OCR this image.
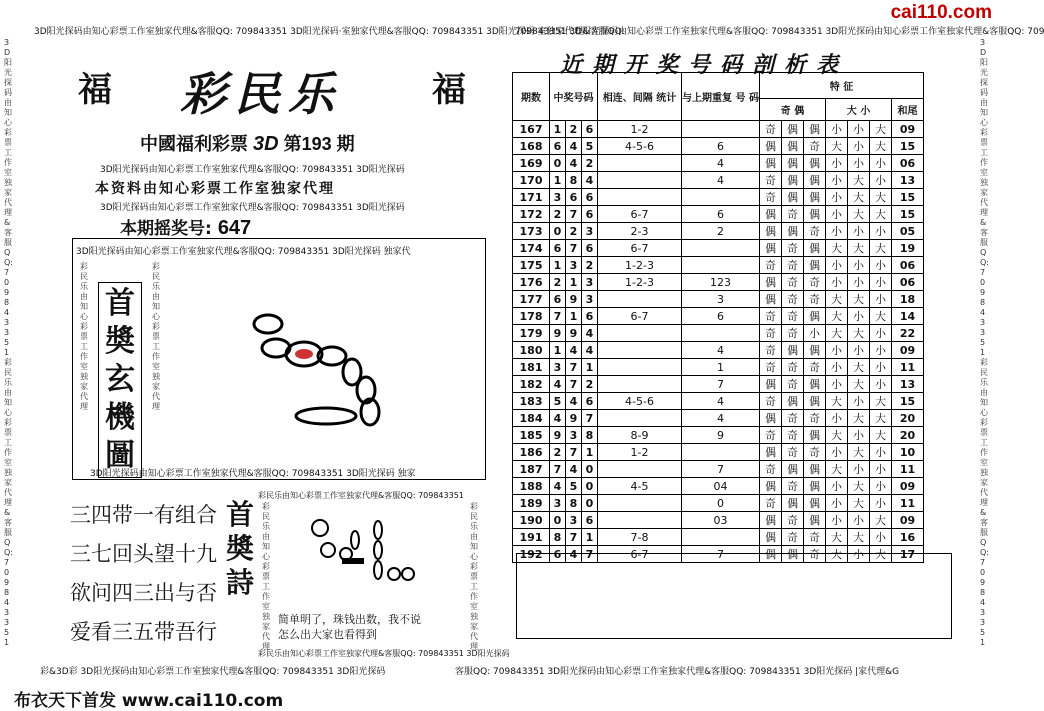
cai110.com
3D阳光探码由知心彩票工作室独家代理&客服QQ: 709843351 3D阳光探码·室独家代理&客服QQ: 709843351 3D阳光探码·室独家代理&客服QQ:
709843351 3D阳光探码由知心彩票工作室独家代理&客服QQ: 709843351 3D阳光探码由知心彩票工作室独家代理&客服QQ: 709
3D阳光探码由知心彩票工作室独家代理&客服QQ:709843351彩民乐由知心彩票工作室独家代理&客服QQ:709843351
3D阳光探码由知心彩票工作室独家代理&客服QQ:709843351彩民乐由知心彩票工作室独家代理&客服QQ:709843351
福	福
彩民乐
中國福利彩票 3D 第193 期
3D阳光探码由知心彩票工作室独家代理&客服QQ: 709843351 3D阳光探码
本资料由知心彩票工作室独家代理
3D阳光探码由知心彩票工作室独家代理&客服QQ: 709843351 3D阳光探码
本期摇奖号: 647
3D阳光探码由知心彩票工作室独家代理&客服QQ: 709843351 3D阳光探码 独家代
3D阳光探码由知心彩票工作室独家代理&客服QQ: 709843351 3D阳光探码 独家
首
奬
玄
機
圖
彩民乐由知心彩票工作室独家代理
彩民乐由知心彩票工作室独家代理
三四带一有组合
三七回头望十九
欲问四三出与否
爱看三五带吾行
首
奬
詩
彩民乐由知心彩票工作室独家代理&客服QQ: 709843351
彩民乐由知心彩票工作室独家代理&客服QQ: 709843351 3D阳光探码
彩民乐由知心彩票工作室独家代理
彩民乐由知心彩票工作室独家代理
简单明了，珠钱出数，我不说
怎么出大家也看得到
彩&3D彩 3D阳光探码由知心彩票工作室独家代理&客服QQ: 709843351 3D阳光探码	客服QQ: 709843351 3D阳光探码由知心彩票工作室独家代理&客服QQ: 709843351 3D阳光探码 |家代理&G
布衣天下首发 www.cai110.com
近期开奖号码剖析表
期数	中奖号码			相连、间隔 统计	与上期重复 号 码	特 征						
						奇 偶			大 小			和尾
167	1	2	6	1-2		奇	偶	偶	小	小	大	09
168	6	4	5	4-5-6	6	偶	偶	奇	大	小	大	15
169	0	4	2		4	偶	偶	偶	小	小	小	06
170	1	8	4		4	奇	偶	偶	小	大	小	13
171	3	6	6			奇	偶	偶	小	大	大	15
172	2	7	6	6-7	6	偶	奇	偶	小	大	大	15
173	0	2	3	2-3	2	偶	偶	奇	小	小	小	05
174	6	7	6	6-7		偶	奇	偶	大	大	大	19
175	1	3	2	1-2-3		奇	奇	偶	小	小	小	06
176	2	1	3	1-2-3	123	偶	奇	奇	小	小	小	06
177	6	9	3		3	偶	奇	奇	大	大	小	18
178	7	1	6	6-7	6	奇	奇	偶	大	小	大	14
179	9	9	4			奇	奇	小	大	大	小	22
180	1	4	4		4	奇	偶	偶	小	小	小	09
181	3	7	1		1	奇	奇	奇	小	大	小	11
182	4	7	2		7	偶	奇	偶	小	大	小	13
183	5	4	6	4-5-6	4	奇	偶	偶	大	小	大	15
184	4	9	7		4	偶	奇	奇	小	大	大	20
185	9	3	8	8-9	9	奇	奇	偶	大	小	大	20
186	2	7	1	1-2		偶	奇	奇	小	大	小	10
187	7	4	0		7	奇	偶	偶	大	小	小	11
188	4	5	0	4-5	04	偶	奇	偶	小	大	小	09
189	3	8	0		0	奇	偶	偶	小	大	小	11
190	0	3	6		03	偶	奇	偶	小	小	大	09
191	8	7	1	7-8		偶	奇	奇	大	大	小	16
192	6	4	7	6-7	7	偶	偶	奇	大	小	大	17
